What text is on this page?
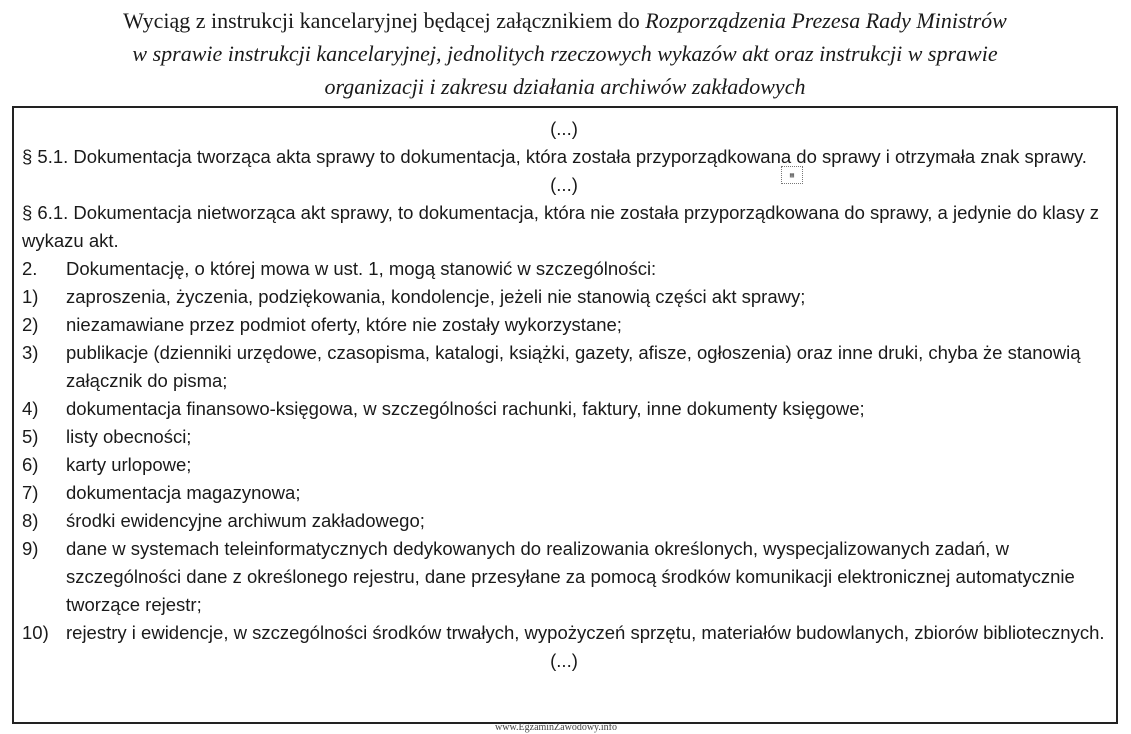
Wyciąg z instrukcji kancelaryjnej będącej załącznikiem do Rozporządzenia Prezesa Rady Ministrów
w sprawie instrukcji kancelaryjnej, jednolitych rzeczowych wykazów akt oraz instrukcji w sprawie
organizacji i zakresu działania archiwów zakładowych
(...)

§ 5.1. Dokumentacja tworząca akta sprawy to dokumentacja, która została przyporządkowana do sprawy i otrzymała znak sprawy.

(...)

§ 6.1. Dokumentacja nietworząca akt sprawy, to dokumentacja, która nie została przyporządkowana do sprawy, a jedynie do klasy z wykazu akt.

2.	Dokumentację, o której mowa w ust. 1, mogą stanowić w szczególności:
1)	zaproszenia, życzenia, podziękowania, kondolencje, jeżeli nie stanowią części akt sprawy;
2)	niezamawiane przez podmiot oferty, które nie zostały wykorzystane;
3)	publikacje (dzienniki urzędowe, czasopisma, katalogi, książki, gazety, afisze, ogłoszenia) oraz inne druki, chyba że stanowią załącznik do pisma;
4)	dokumentacja finansowo-księgowa, w szczególności rachunki, faktury, inne dokumenty księgowe;
5)	listy obecności;
6)	karty urlopowe;
7)	dokumentacja magazynowa;
8)	środki ewidencyjne archiwum zakładowego;
9)	dane w systemach teleinformatycznych dedykowanych do realizowania określonych, wyspecjalizowanych zadań, w szczególności dane z określonego rejestru, dane przesyłane za pomocą środków komunikacji elektronicznej automatycznie tworzące rejestr;
10) rejestry i ewidencje, w szczególności środków trwałych, wypożyczeń sprzętu, materiałów budowlanych, zbiorów bibliotecznych.
(...)
▦
www.EgzaminZawodowy.info
